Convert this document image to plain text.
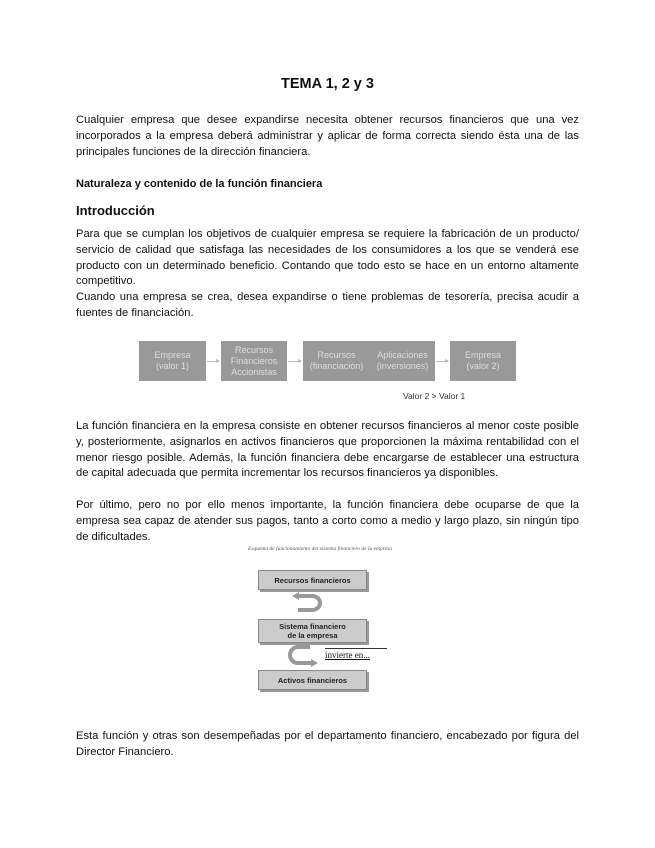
TEMA 1, 2 y 3
Cualquier empresa que desee expandirse necesita obtener recursos financieros que una vez incorporados a la empresa deberá administrar y aplicar de forma correcta siendo ésta una de las principales funciones de la dirección financiera.
Naturaleza y contenido de la función financiera
Introducción
Para que se cumplan los objetivos de cualquier empresa se requiere la fabricación de un producto/ servicio de calidad que satisfaga las necesidades de los consumidores a los que se venderá ese producto con un determinado beneficio. Contando que todo esto se hace en un entorno altamente competitivo.
Cuando una empresa se crea, desea expandirse o tiene problemas de tesorería, precisa acudir a fuentes de financiación.
Empresa
(valor 1)
Recursos
Financieros
Accionistas
Recursos
(financiación)
Aplicaciones
(inversiones)
Empresa
(valor 2)
Valor 2 > Valor 1
La función financiera en la empresa consiste en obtener recursos financieros al menor coste posible y, posteriormente, asignarlos en activos financieros que proporcionen la máxima rentabilidad con el menor riesgo posible. Además, la función financiera debe encargarse de establecer una estructura de capital adecuada que permita incrementar los recursos financieros ya disponibles.
Por último, pero no por ello menos importante, la función financiera debe ocuparse de que la empresa sea capaz de atender sus pagos, tanto a corto como a medio y largo plazo, sin ningún tipo de dificultades.
Esquema de funcionamiento del sistema financiero de la empresa
Recursos financieros
Sistema financiero
de la empresa
invierte en...
Activos financieros
Esta función y otras son desempeñadas por el departamento financiero, encabezado por figura del Director Financiero.
